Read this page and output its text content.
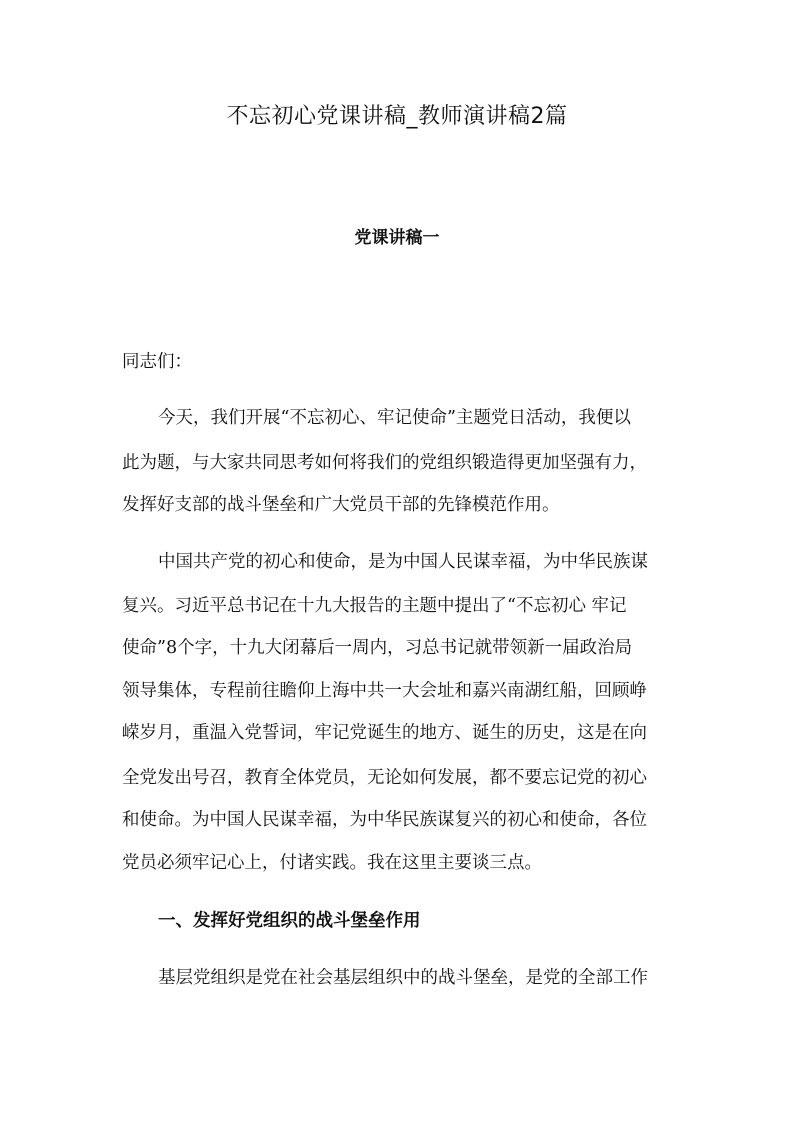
不忘初心党课讲稿_教师演讲稿2篇
党课讲稿一

同志们：

今天，我们开展“不忘初心、牢记使命”主题党日活动，我便以

此为题，与大家共同思考如何将我们的党组织锻造得更加坚强有力，

发挥好支部的战斗堡垒和广大党员干部的先锋模范作用。

中国共产党的初心和使命，是为中国人民谋幸福，为中华民族谋

复兴。习近平总书记在十九大报告的主题中提出了“不忘初心 牢记

使命”8个字，十九大闭幕后一周内，习总书记就带领新一届政治局

领导集体，专程前往瞻仰上海中共一大会址和嘉兴南湖红船，回顾峥

嵘岁月，重温入党誓词，牢记党诞生的地方、诞生的历史，这是在向

全党发出号召，教育全体党员，无论如何发展，都不要忘记党的初心

和使命。为中国人民谋幸福，为中华民族谋复兴的初心和使命，各位

党员必须牢记心上，付诸实践。我在这里主要谈三点。

一、发挥好党组织的战斗堡垒作用

基层党组织是党在社会基层组织中的战斗堡垒，是党的全部工作
